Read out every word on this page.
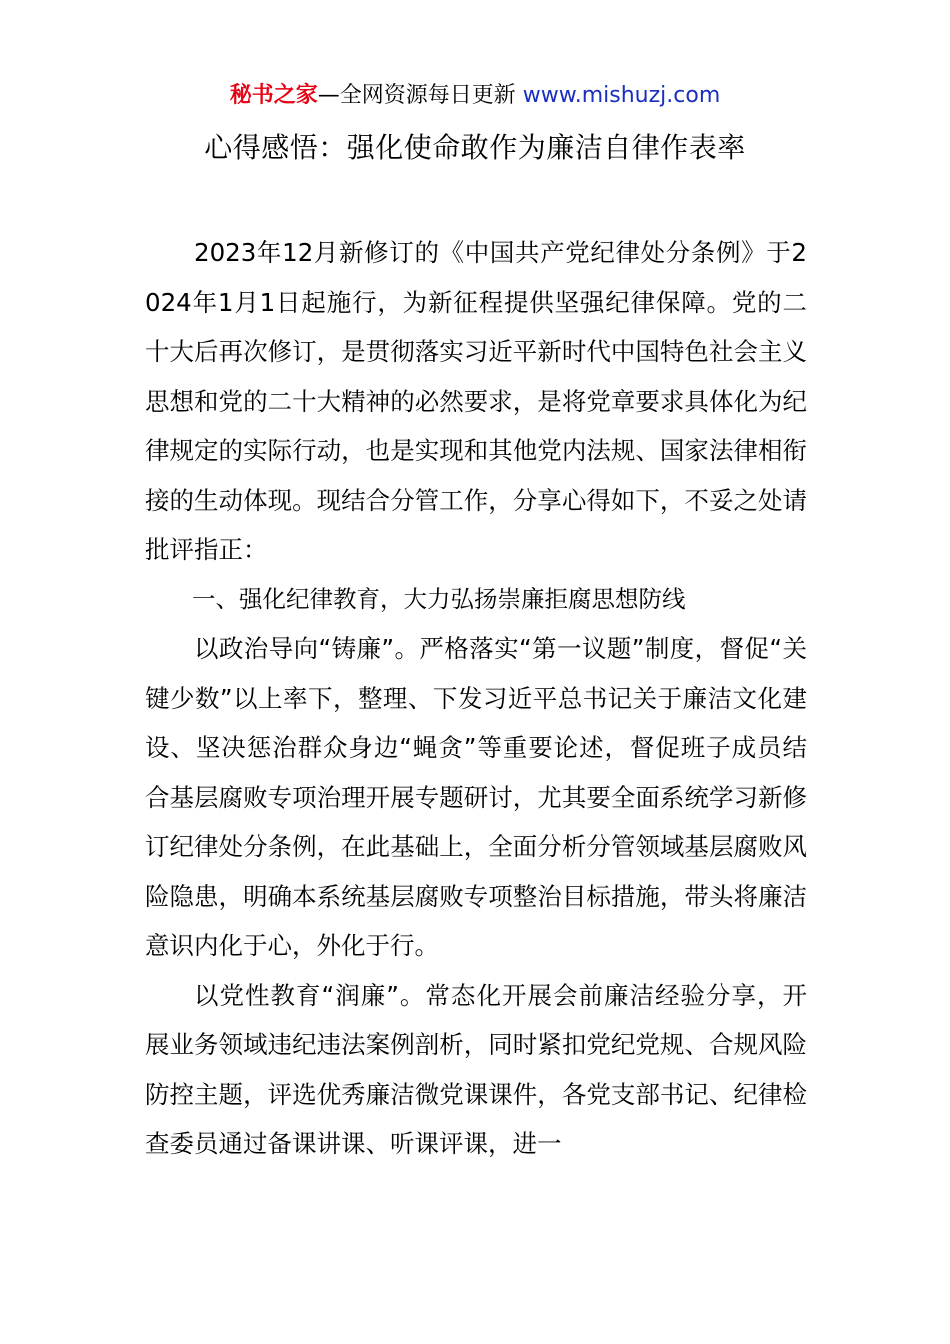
秘书之家—全网资源每日更新 www.mishuzj.com
心得感悟：强化使命敢作为廉洁自律作表率

2023年12月新修订的《中国共产党纪律处分条例》于2024年1月1日起施行，为新征程提供坚强纪律保障。党的二十大后再次修订，是贯彻落实习近平新时代中国特色社会主义思想和党的二十大精神的必然要求，是将党章要求具体化为纪律规定的实际行动，也是实现和其他党内法规、国家法律相衔接的生动体现。现结合分管工作，分享心得如下，不妥之处请批评指正：

一、强化纪律教育，大力弘扬崇廉拒腐思想防线

以政治导向“铸廉”。严格落实“第一议题”制度，督促“关键少数”以上率下，整理、下发习近平总书记关于廉洁文化建设、坚决惩治群众身边“蝇贪”等重要论述，督促班子成员结合基层腐败专项治理开展专题研讨，尤其要全面系统学习新修订纪律处分条例，在此基础上，全面分析分管领域基层腐败风险隐患，明确本系统基层腐败专项整治目标措施，带头将廉洁意识内化于心，外化于行。

以党性教育“润廉”。常态化开展会前廉洁经验分享，开展业务领域违纪违法案例剖析，同时紧扣党纪党规、合规风险防控主题，评选优秀廉洁微党课课件，各党支部书记、纪律检查委员通过备课讲课、听课评课，进一
